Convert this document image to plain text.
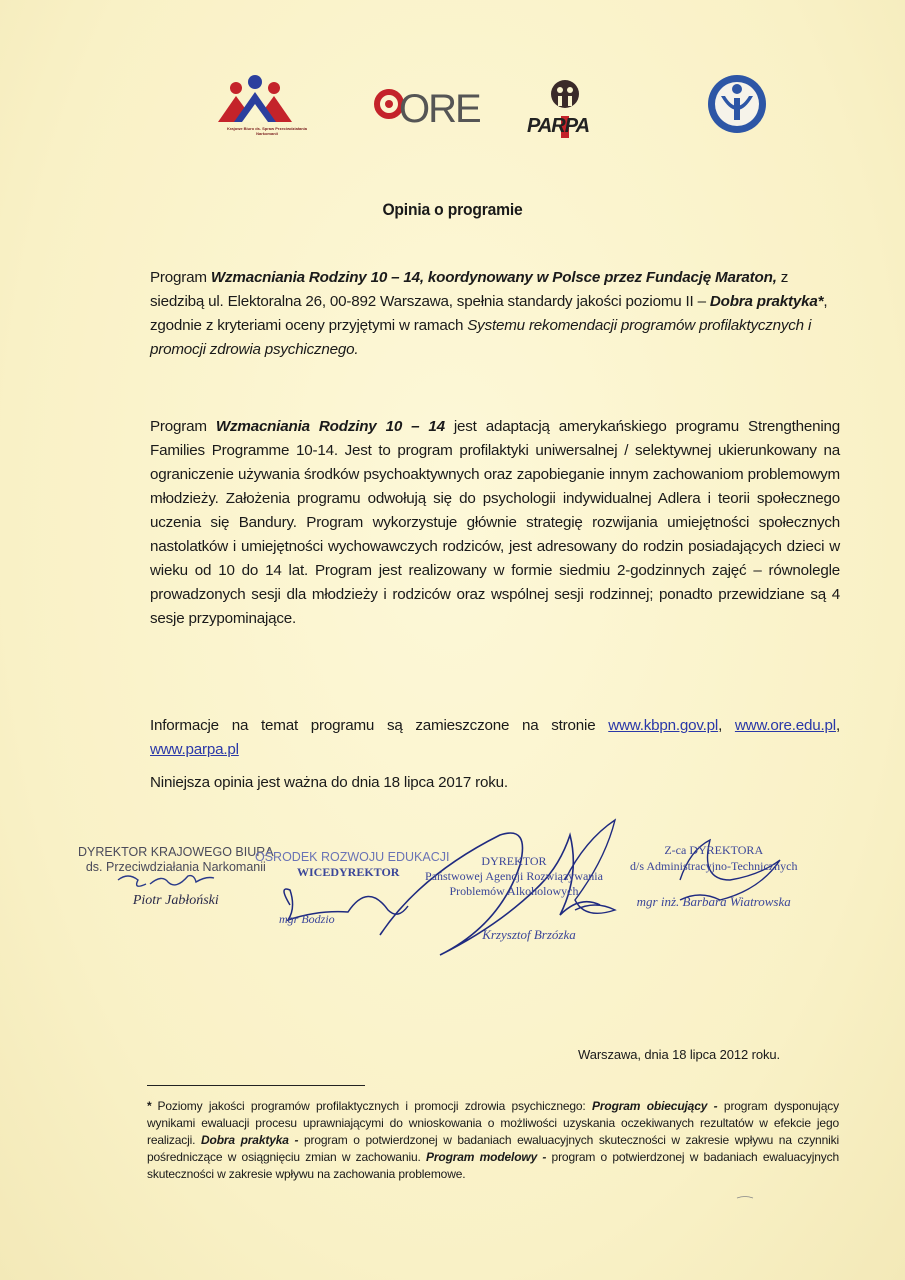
Krajowe Biuro ds. Spraw Przeciwdziałania Narkomanii
ORE PARPA
Opinia o programie
Program Wzmacniania Rodziny 10 – 14, koordynowany w Polsce przez Fundację Maraton, z siedzibą ul. Elektoralna 26, 00-892 Warszawa, spełnia standardy jakości poziomu II – Dobra praktyka*, zgodnie z kryteriami oceny przyjętymi w ramach Systemu rekomendacji programów profilaktycznych i promocji zdrowia psychicznego.
Program Wzmacniania Rodziny 10 – 14 jest adaptacją amerykańskiego programu Strengthening Families Programme 10-14. Jest to program profilaktyki uniwersalnej / selektywnej ukierunkowany na ograniczenie używania środków psychoaktywnych oraz zapobieganie innym zachowaniom problemowym młodzieży. Założenia programu odwołują się do psychologii indywidualnej Adlera i teorii społecznego uczenia się Bandury. Program wykorzystuje głównie strategię rozwijania umiejętności społecznych nastolatków i umiejętności wychowawczych rodziców, jest adresowany do rodzin posiadających dzieci w wieku od 10 do 14 lat. Program jest realizowany w formie siedmiu 2-godzinnych zajęć – równolegle prowadzonych sesji dla młodzieży i rodziców oraz wspólnej sesji rodzinnej; ponadto przewidziane są 4 sesje przypominające.
Informacje na temat programu są zamieszczone na stronie www.kbpn.gov.pl, www.ore.edu.pl, www.parpa.pl
Niniejsza opinia jest ważna do dnia 18 lipca 2017 roku.
DYREKTOR KRAJOWEGO BIURA
ds. Przeciwdziałania Narkomanii
Piotr Jabłoński
OŚRODEK ROZWOJU EDUKACJI
WICEDYREKTOR
mgr Bodzio
DYREKTOR
Państwowej Agencji Rozwiązywania
Problemów Alkoholowych
Krzysztof Brzózka
Z-ca DYREKTORA
d/s Administracyjno-Technicznych
mgr inż. Barbara Wiatrowska
Warszawa, dnia 18 lipca 2012 roku.
* Poziomy jakości programów profilaktycznych i promocji zdrowia psychicznego: Program obiecujący - program dysponujący wynikami ewaluacji procesu uprawniającymi do wnioskowania o możliwości uzyskania oczekiwanych rezultatów w efekcie jego realizacji. Dobra praktyka - program o potwierdzonej w badaniach ewaluacyjnych skuteczności w zakresie wpływu na czynniki pośredniczące w osiągnięciu zmian w zachowaniu. Program modelowy - program o potwierdzonej w badaniach ewaluacyjnych skuteczności w zakresie wpływu na zachowania problemowe.
